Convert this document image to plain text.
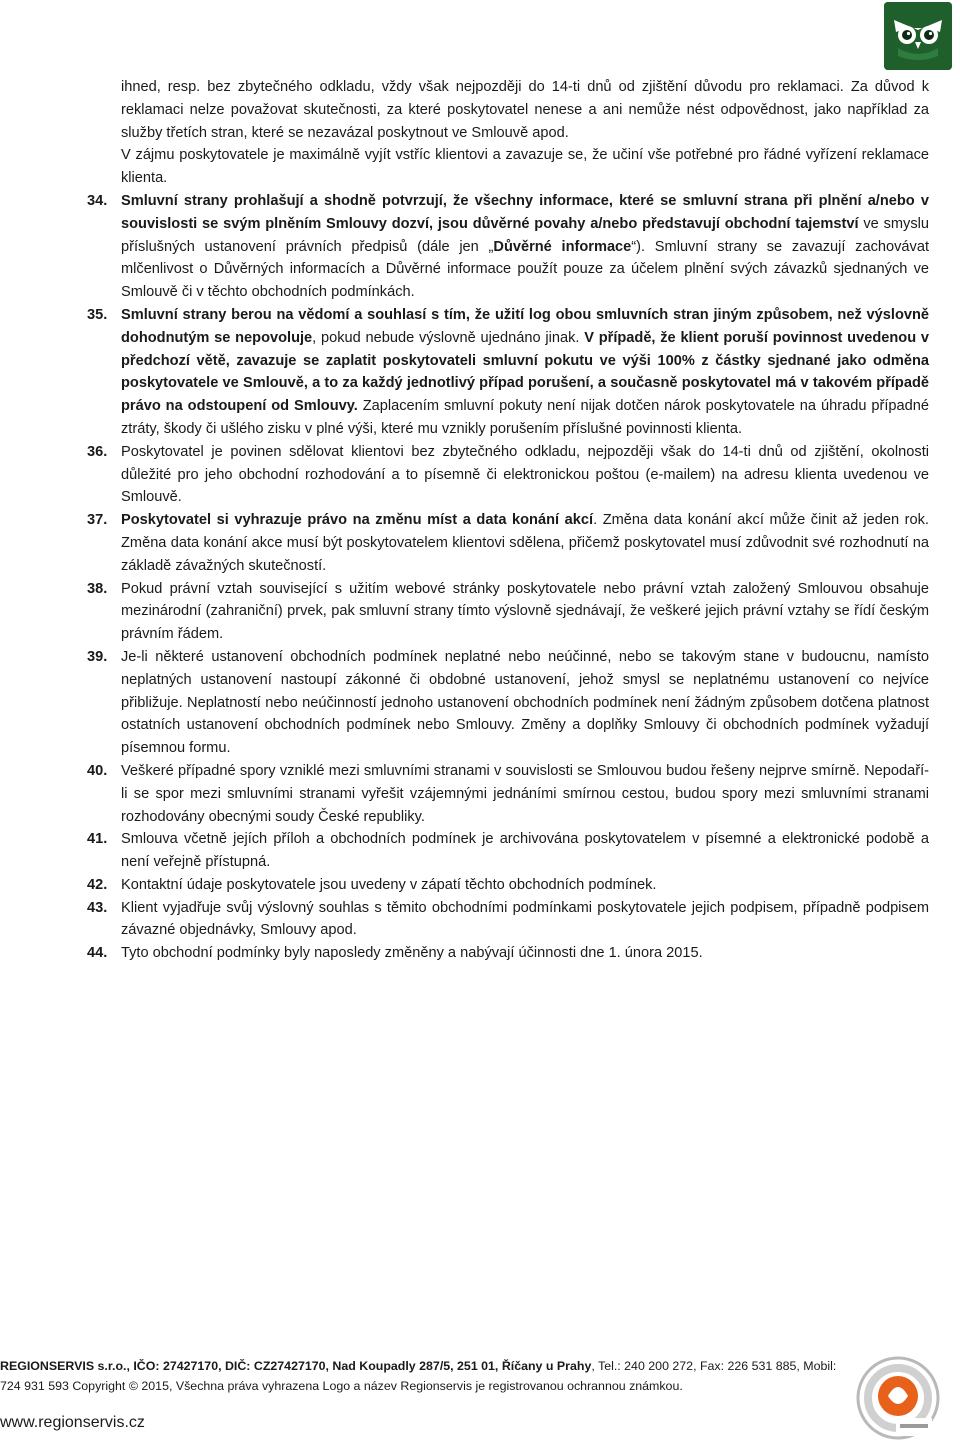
ihned, resp. bez zbytečného odkladu, vždy však nejpozději do 14-ti dnů od zjištění důvodu pro reklamaci. Za důvod k reklamaci nelze považovat skutečnosti, za které poskytovatel nenese a ani nemůže nést odpovědnost, jako například za služby třetích stran, které se nezavázal poskytnout ve Smlouvě apod.

V zájmu poskytovatele je maximálně vyjít vstříc klientovi a zavazuje se, že učiní vše potřebné pro řádné vyřízení reklamace klienta.

34. Smluvní strany prohlašují a shodně potvrzují, že všechny informace, které se smluvní strana při plnění a/nebo v souvislosti se svým plněním Smlouvy dozví, jsou důvěrné povahy a/nebo představují obchodní tajemství ve smyslu příslušných ustanovení právních předpisů (dále jen „Důvěrné informace“). Smluvní strany se zavazují zachovávat mlčenlivost o Důvěrných informacích a Důvěrné informace použít pouze za účelem plnění svých závazků sjednaných ve Smlouvě či v těchto obchodních podmínkách.
35. Smluvní strany berou na vědomí a souhlasí s tím, že užití log obou smluvních stran jiným způsobem, než výslovně dohodnutým se nepovoluje, pokud nebude výslovně ujednáno jinak. V případě, že klient poruší povinnost uvedenou v předchozí větě, zavazuje se zaplatit poskytovateli smluvní pokutu ve výši 100% z částky sjednané jako odměna poskytovatele ve Smlouvě, a to za každý jednotlivý případ porušení, a současně poskytovatel má v takovém případě právo na odstoupení od Smlouvy. Zaplacením smluvní pokuty není nijak dotčen nárok poskytovatele na úhradu případné ztráty, škody či ušlého zisku v plné výši, které mu vznikly porušením příslušné povinnosti klienta.
36. Poskytovatel je povinen sdělovat klientovi bez zbytečného odkladu, nejpozději však do 14-ti dnů od zjištění, okolnosti důležité pro jeho obchodní rozhodování a to písemně či elektronickou poštou (e-mailem) na adresu klienta uvedenou ve Smlouvě.
37. Poskytovatel si vyhrazuje právo na změnu míst a data konání akcí. Změna data konání akcí může činit až jeden rok. Změna data konání akce musí být poskytovatelem klientovi sdělena, přičemž poskytovatel musí zdůvodnit své rozhodnutí na základě závažných skutečností.
38. Pokud právní vztah související s užitím webové stránky poskytovatele nebo právní vztah založený Smlouvou obsahuje mezinárodní (zahraniční) prvek, pak smluvní strany tímto výslovně sjednávají, že veškeré jejich právní vztahy se řídí českým právním řádem.
39. Je-li některé ustanovení obchodních podmínek neplatné nebo neúčinné, nebo se takovým stane v budoucnu, namísto neplatných ustanovení nastoupí zákonné či obdobné ustanovení, jehož smysl se neplatnému ustanovení co nejvíce přibližuje. Neplatností nebo neúčinností jednoho ustanovení obchodních podmínek není žádným způsobem dotčena platnost ostatních ustanovení obchodních podmínek nebo Smlouvy. Změny a doplňky Smlouvy či obchodních podmínek vyžadují písemnou formu.
40. Veškeré případné spory vzniklé mezi smluvními stranami v souvislosti se Smlouvou budou řešeny nejprve smírně. Nepodaří-li se spor mezi smluvními stranami vyřešit vzájemnými jednáními smírnou cestou, budou spory mezi smluvními stranami rozhodovány obecnými soudy České republiky.
41. Smlouva včetně jejích příloh a obchodních podmínek je archivována poskytovatelem v písemné a elektronické podobě a není veřejně přístupná.
42. Kontaktní údaje poskytovatele jsou uvedeny v zápatí těchto obchodních podmínek.
43. Klient vyjadřuje svůj výslovný souhlas s těmito obchodními podmínkami poskytovatele jejich podpisem, případně podpisem závazné objednávky, Smlouvy apod.
44. Tyto obchodní podmínky byly naposledy změněny a nabývají účinnosti dne 1. února 2015.
REGIONSERVIS s.r.o., IČO: 27427170, DIČ: CZ27427170, Nad Koupadly 287/5, 251 01, Říčany u Prahy, Tel.: 240 200 272, Fax: 226 531 885, Mobil:
724 931 593 Copyright © 2015, Všechna práva vyhrazena Logo a název Regionservis je registrovanou ochrannou známkou.
www.regionservis.cz
